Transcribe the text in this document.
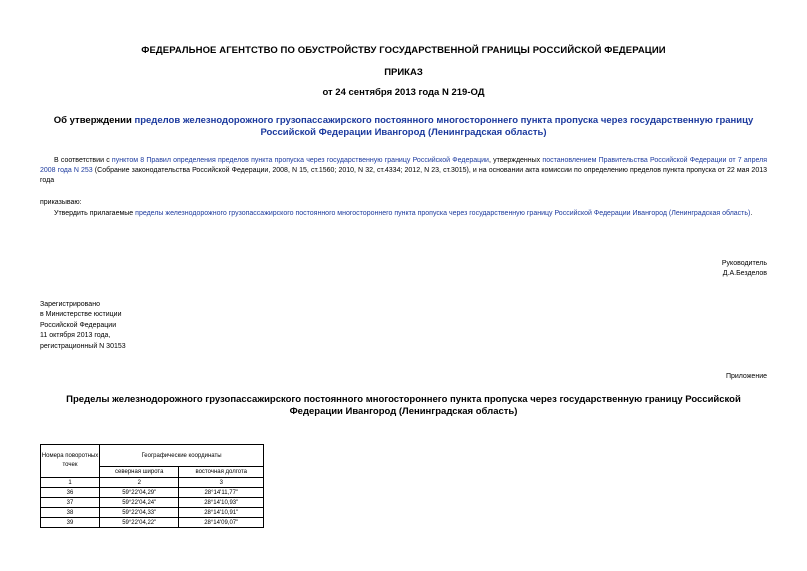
ФЕДЕРАЛЬНОЕ АГЕНТСТВО ПО ОБУСТРОЙСТВУ ГОСУДАРСТВЕННОЙ ГРАНИЦЫ РОССИЙСКОЙ ФЕДЕРАЦИИ
ПРИКАЗ
от 24 сентября 2013 года N 219-ОД
Об утверждении пределов железнодорожного грузопассажирского постоянного многостороннего пункта пропуска через государственную границу Российской Федерации Ивангород (Ленинградская область)
В соответствии с пунктом 8 Правил определения пределов пункта пропуска через государственную границу Российской Федерации, утвержденных постановлением Правительства Российской Федерации от 7 апреля 2008 года N 253 (Собрание законодательства Российской Федерации, 2008, N 15, ст.1560; 2010, N 32, ст.4334; 2012, N 23, ст.3015), и на основании акта комиссии по определению пределов пункта пропуска от 22 мая 2013 года
приказываю:
Утвердить прилагаемые пределы железнодорожного грузопассажирского постоянного многостороннего пункта пропуска через государственную границу Российской Федерации Ивангород (Ленинградская область).
Руководитель
Д.А.Безделов
Зарегистрировано
в Министерстве юстиции
Российской Федерации
11 октября 2013 года,
регистрационный N 30153
Приложение
Пределы железнодорожного грузопассажирского постоянного многостороннего пункта пропуска через государственную границу Российской Федерации Ивангород (Ленинградская область)
Номера поворотных точек	Географические координаты	
	северная широта	восточная долгота
1	2	3
36	59°22'04,29"	28°14'11,77"
37	59°22'04,24"	28°14'10,93"
38	59°22'04,33"	28°14'10,91"
39	59°22'04,22"	28°14'09,07"
